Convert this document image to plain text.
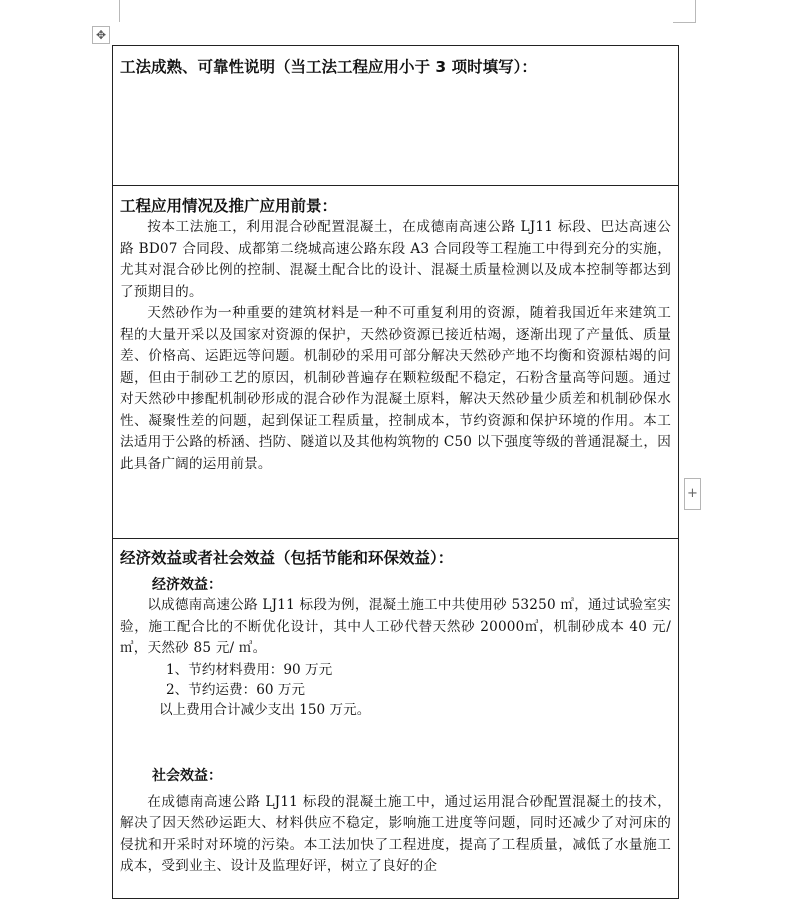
✥
+

工法成熟、可靠性说明（当工法工程应用小于 3 项时填写）：

工程应用情况及推广应用前景：

按本工法施工，利用混合砂配置混凝土，在成德南高速公路 LJ11 标段、巴达高速公路 BD07 合同段、成都第二绕城高速公路东段 A3 合同段等工程施工中得到充分的实施，尤其对混合砂比例的控制、混凝土配合比的设计、混凝土质量检测以及成本控制等都达到了预期目的。

天然砂作为一种重要的建筑材料是一种不可重复利用的资源，随着我国近年来建筑工程的大量开采以及国家对资源的保护，天然砂资源已接近枯竭，逐渐出现了产量低、质量差、价格高、运距远等问题。机制砂的采用可部分解决天然砂产地不均衡和资源枯竭的问题，但由于制砂工艺的原因，机制砂普遍存在颗粒级配不稳定，石粉含量高等问题。通过对天然砂中掺配机制砂形成的混合砂作为混凝土原料，解决天然砂量少质差和机制砂保水性、凝聚性差的问题，起到保证工程质量，控制成本，节约资源和保护环境的作用。本工法适用于公路的桥涵、挡防、隧道以及其他构筑物的 C50 以下强度等级的普通混凝土，因此具备广阔的运用前景。

经济效益或者社会效益（包括节能和环保效益）：

经济效益：

以成德南高速公路 LJ11 标段为例，混凝土施工中共使用砂 53250 ㎥，通过试验室实验，施工配合比的不断优化设计，其中人工砂代替天然砂 20000㎥，机制砂成本 40 元/ ㎥，天然砂 85 元/ ㎥。

1、节约材料费用：90 万元

2、节约运费：60 万元

以上费用合计减少支出 150 万元。

社会效益：

在成德南高速公路 LJ11 标段的混凝土施工中，通过运用混合砂配置混凝土的技术，解决了因天然砂运距大、材料供应不稳定，影响施工进度等问题，同时还减少了对河床的侵扰和开采时对环境的污染。本工法加快了工程进度，提高了工程质量，减低了水量施工成本，受到业主、设计及监理好评，树立了良好的企
